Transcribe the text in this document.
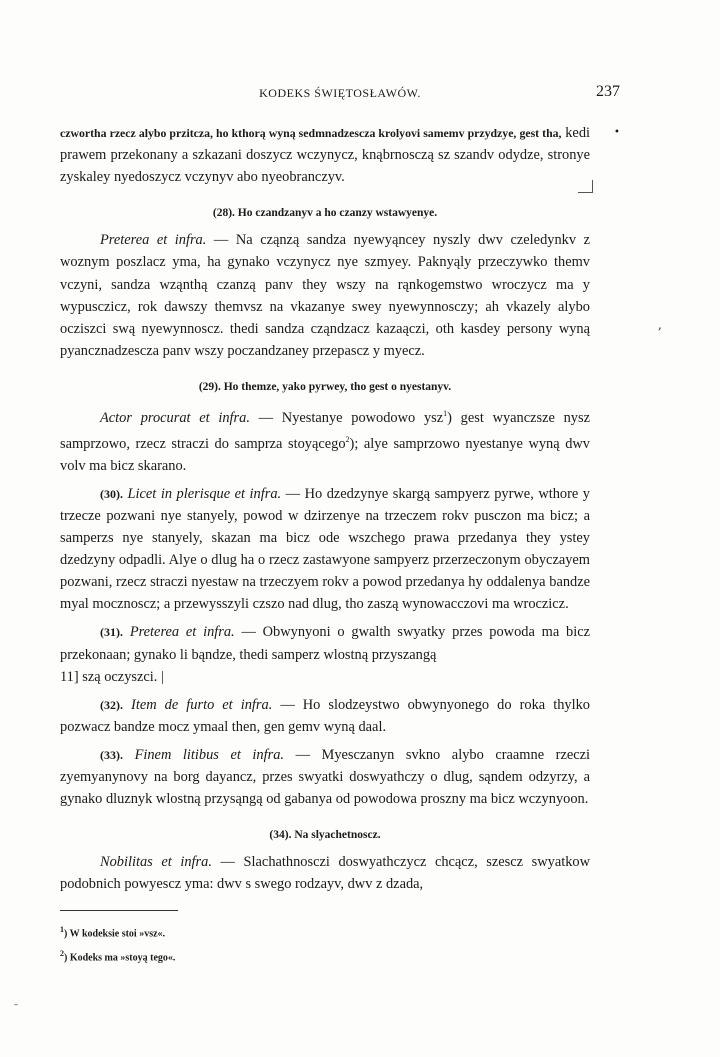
KODEKS ŚWIĘTOSŁAWÓW.	237
•
,
–

czwortha rzecz alybo przitcza, ho kthorą wyną sedmnadzescza krolyovi samemv przydzye, gest tha, kedi prawem przekonany a szkazani doszycz wczynycz, knąbrnosczą sz szandv odydze, stronye zyskaley nyedoszycz vczynyv abo nyeobranczyv.

(28). Ho czandzanyv a ho czanzy wstawyenye.

Preterea et infra. — Na cząnzą sandza nyewyąncey nyszly dwv czeledynkv z woznym poszlacz yma, ha gynako vczynycz nye szmyey. Paknyąly przeczywko themv vczyni, sandza wząnthą czanzą panv they wszy na rąnkogemstwo wroczycz ma y wypusczicz, rok dawszy themvsz na vkazanye swey nyewynnosczy; ah vkazely alybo ocziszci swą nyewynnoscz. thedi sandza cząndzacz kazaączi, oth kasdey persony wyną pyancznadzescza panv wszy poczandzaney przepascz y myecz.

(29). Ho themze, yako pyrwey, tho gest o nyestanyv.

Actor procurat et infra. — Nyestanye powodowo ysz$^1$) gest wyanczsze nysz samprzowo, rzecz straczi do samprza stoyącego$^2$); alye samprzowo nyestanye wyną dwv volv ma bicz skarano.

(30). Licet in plerisque et infra. — Ho dzedzynye skargą sampyerz pyrwe, wthore y trzecze pozwani nye stanyely, powod w dzirzenye na trzeczem rokv pusczon ma bicz; a samperzs nye stanyely, skazan ma bicz ode wszchego prawa przedanya they ystey dzedzyny odpadli. Alye o dlug ha o rzecz zastawyone sampyerz przerzeczonym obyczayem pozwani, rzecz straczi nyestaw na trzeczyem rokv a powod przedanya hy oddalenya bandze myal mocznoscz; a przewysszyli czszo nad dlug, tho zaszą wynowacczovi ma wroczicz.

(31). Preterea et infra. — Obwynyoni o gwalth swyatky przes powoda ma bicz przekonaan; gynako li bąndze, thedi samperz wlostną przyszangą
11] szą oczyszci. |

(32). Item de furto et infra. — Ho slodzeystwo obwynyonego do roka thylko pozwacz bandze mocz ymaal then, gen gemv wyną daal.

(33). Finem litibus et infra. — Myesczanyn svkno alybo craamne rzeczi zyemyanynovy na borg dayancz, przes swyatki doswyathczy o dlug, sąndem odzyrzy, a gynako dluznyk wlostną przysąngą od gabanya od powodowa proszny ma bicz wczynyoon.

(34). Na slyachetnoscz.

Nobilitas et infra. — Slachathnosczi doswyathczycz chcącz, szescz swyatkow podobnich powyescz yma: dwv s swego rodzayv, dwv z dzada,

$^1$) W kodeksie stoi »vsz«.
$^2$) Kodeks ma »stoyą tego«.
